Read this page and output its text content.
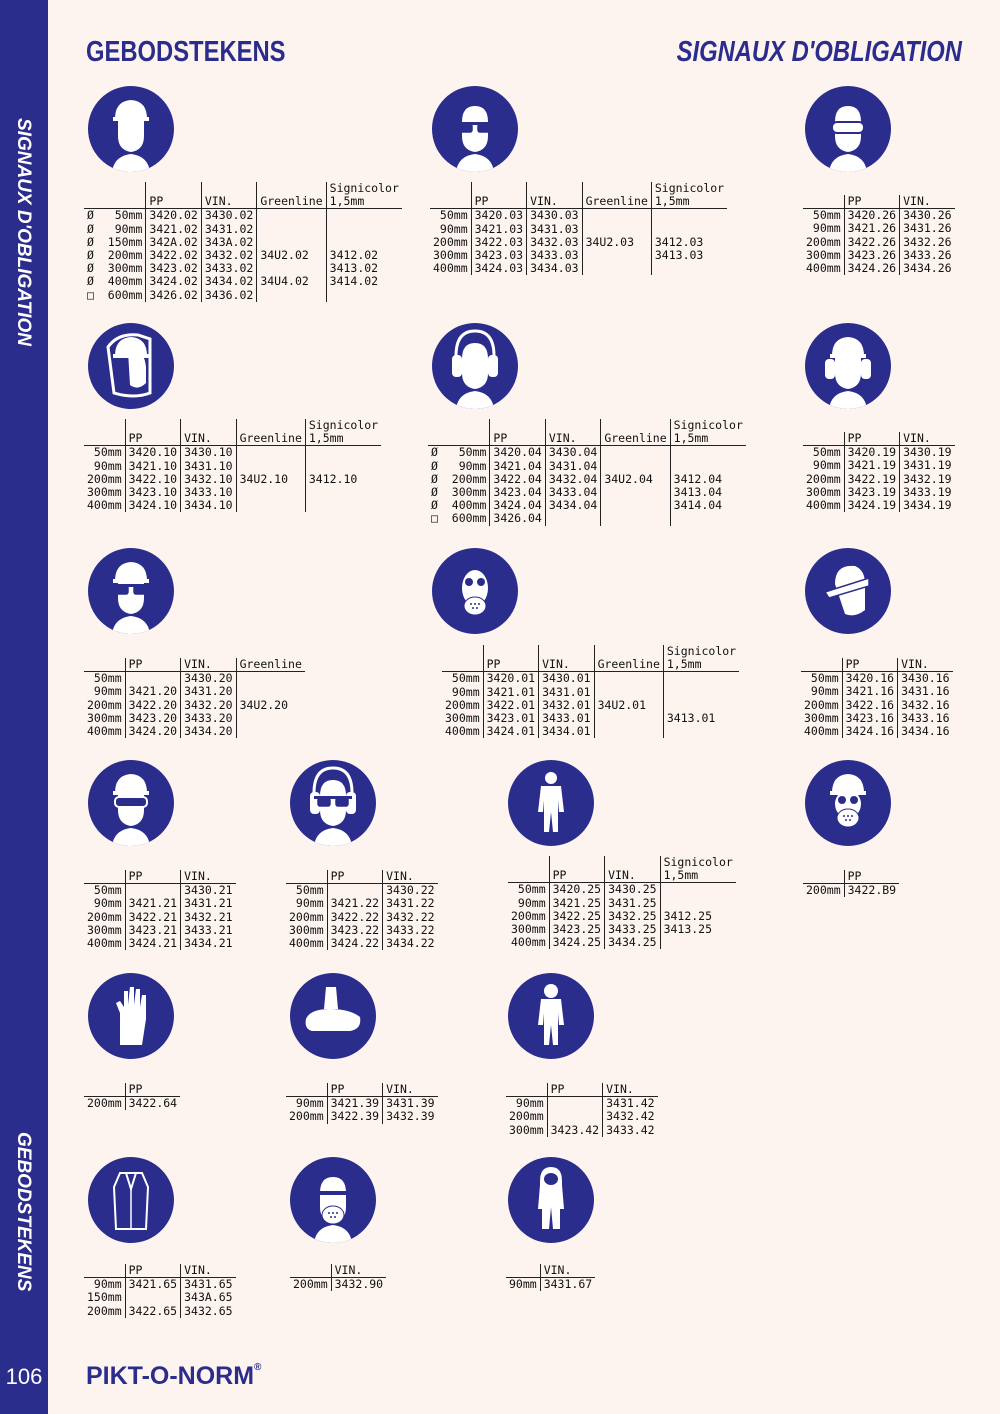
SIGNAUX D'OBLIGATION
GEBODSTEKENS
106
GEBODSTEKENS	SIGNAUX D'OBLIGATION
PIKT-O-NORM®
	PP	VIN.	Greenline	Signicolor
1,5mm
Ø   50mm	3420.02	3430.02		
Ø   90mm	3421.02	3431.02		
Ø  150mm	342A.02	343A.02		
Ø  200mm	3422.02	3432.02	34U2.02	3412.02
Ø  300mm	3423.02	3433.02		3413.02
Ø  400mm	3424.02	3434.02	34U4.02	3414.02
□  600mm	3426.02	3436.02		
	PP	VIN.	Greenline	Signicolor
1,5mm
50mm	3420.03	3430.03		
90mm	3421.03	3431.03		
200mm	3422.03	3432.03	34U2.03	3412.03
300mm	3423.03	3433.03		3413.03
400mm	3424.03	3434.03		
	PP	VIN.
50mm	3420.26	3430.26
90mm	3421.26	3431.26
200mm	3422.26	3432.26
300mm	3423.26	3433.26
400mm	3424.26	3434.26
	PP	VIN.	Greenline	Signicolor
1,5mm
50mm	3420.10	3430.10		
90mm	3421.10	3431.10		
200mm	3422.10	3432.10	34U2.10	3412.10
300mm	3423.10	3433.10		
400mm	3424.10	3434.10		
	PP	VIN.	Greenline	Signicolor
1,5mm
Ø   50mm	3420.04	3430.04		
Ø   90mm	3421.04	3431.04		
Ø  200mm	3422.04	3432.04	34U2.04	3412.04
Ø  300mm	3423.04	3433.04		3413.04
Ø  400mm	3424.04	3434.04		3414.04
□  600mm	3426.04			
	PP	VIN.
50mm	3420.19	3430.19
90mm	3421.19	3431.19
200mm	3422.19	3432.19
300mm	3423.19	3433.19
400mm	3424.19	3434.19
	PP	VIN.	Greenline
50mm		3430.20	
90mm	3421.20	3431.20	
200mm	3422.20	3432.20	34U2.20
300mm	3423.20	3433.20	
400mm	3424.20	3434.20	
	PP	VIN.	Greenline	Signicolor
1,5mm
50mm	3420.01	3430.01		
90mm	3421.01	3431.01		
200mm	3422.01	3432.01	34U2.01	
300mm	3423.01	3433.01		3413.01
400mm	3424.01	3434.01		
	PP	VIN.
50mm	3420.16	3430.16
90mm	3421.16	3431.16
200mm	3422.16	3432.16
300mm	3423.16	3433.16
400mm	3424.16	3434.16
	PP	VIN.
50mm		3430.21
90mm	3421.21	3431.21
200mm	3422.21	3432.21
300mm	3423.21	3433.21
400mm	3424.21	3434.21
	PP	VIN.
50mm		3430.22
90mm	3421.22	3431.22
200mm	3422.22	3432.22
300mm	3423.22	3433.22
400mm	3424.22	3434.22
	PP	VIN.	Signicolor
1,5mm
50mm	3420.25	3430.25	
90mm	3421.25	3431.25	
200mm	3422.25	3432.25	3412.25
300mm	3423.25	3433.25	3413.25
400mm	3424.25	3434.25	
	PP
200mm	3422.B9
	PP
200mm	3422.64
	PP	VIN.
90mm	3421.39	3431.39
200mm	3422.39	3432.39
	PP	VIN.
90mm		3431.42
200mm		3432.42
300mm	3423.42	3433.42
	PP	VIN.
90mm	3421.65	3431.65
150mm		343A.65
200mm	3422.65	3432.65
	VIN.
200mm	3432.90
	VIN.
90mm	3431.67
